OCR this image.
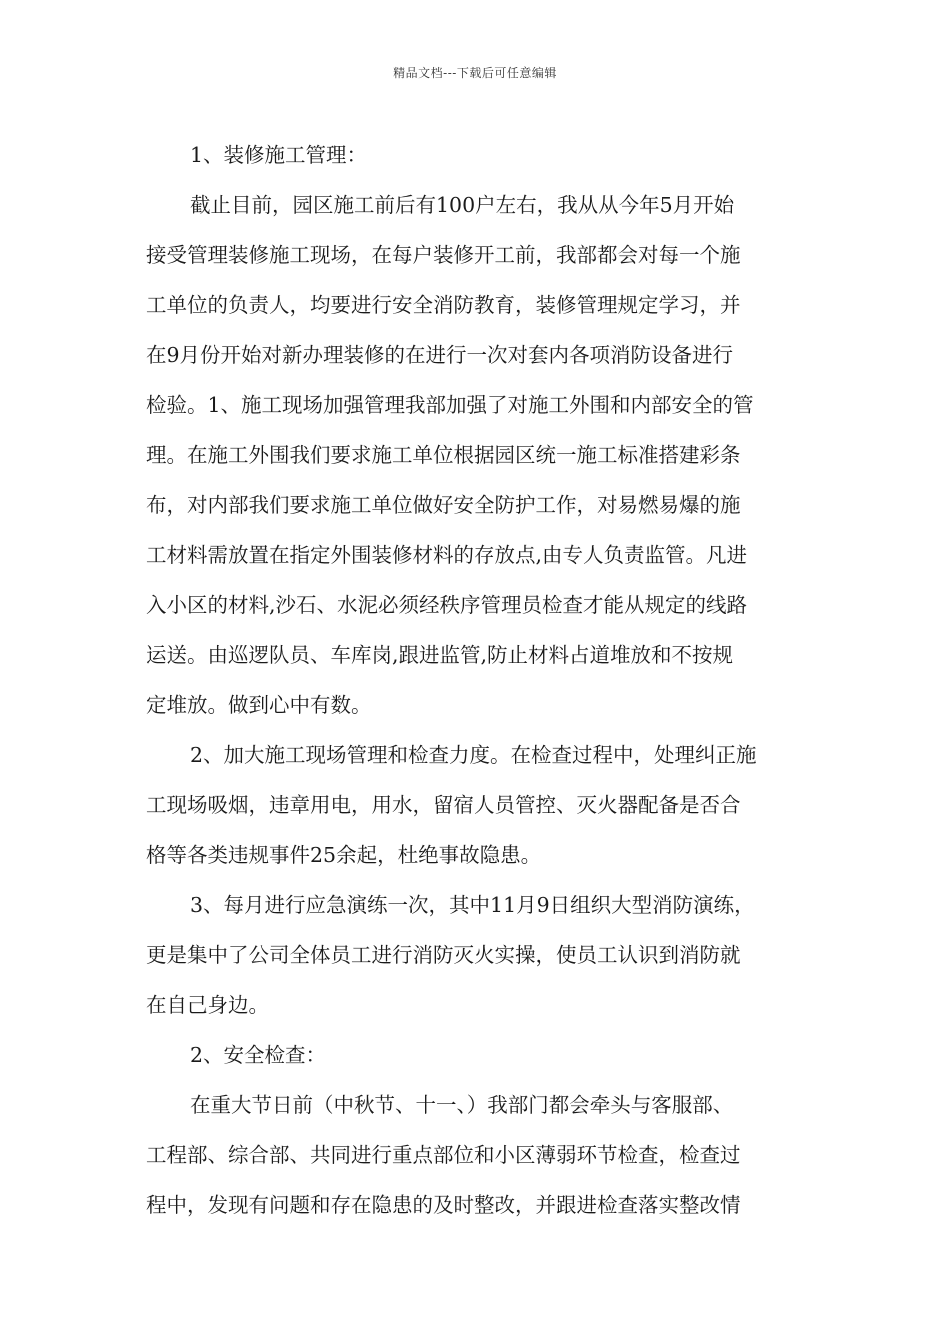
精品文档---下载后可任意编辑
1、装修施工管理：
截止目前，园区施工前后有100户左右，我从从今年5月开始
接受管理装修施工现场，在每户装修开工前，我部都会对每一个施
工单位的负责人，均要进行安全消防教育，装修管理规定学习，并
在9月份开始对新办理装修的在进行一次对套内各项消防设备进行
检验。1、施工现场加强管理我部加强了对施工外围和内部安全的管
理。在施工外围我们要求施工单位根据园区统一施工标准搭建彩条
布，对内部我们要求施工单位做好安全防护工作，对易燃易爆的施
工材料需放置在指定外围装修材料的存放点,由专人负责监管。凡进
入小区的材料,沙石、水泥必须经秩序管理员检查才能从规定的线路
运送。由巡逻队员、车库岗,跟进监管,防止材料占道堆放和不按规
定堆放。做到心中有数。
2、加大施工现场管理和检查力度。在检查过程中，处理纠正施
工现场吸烟，违章用电，用水，留宿人员管控、灭火器配备是否合
格等各类违规事件25余起，杜绝事故隐患。
3、每月进行应急演练一次，其中11月9日组织大型消防演练，
更是集中了公司全体员工进行消防灭火实操，使员工认识到消防就
在自己身边。
2、安全检查：
在重大节日前（中秋节、十一、）我部门都会牵头与客服部、
工程部、综合部、共同进行重点部位和小区薄弱环节检查，检查过
程中，发现有问题和存在隐患的及时整改，并跟进检查落实整改情
